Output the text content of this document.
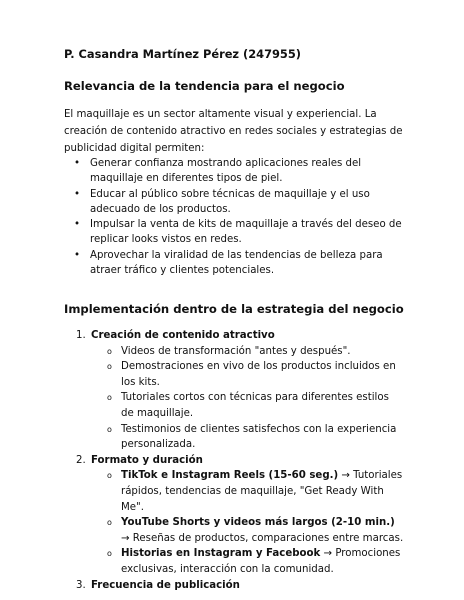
P. Casandra Martínez Pérez (247955)
Relevancia de la tendencia para el negocio
El maquillaje es un sector altamente visual y experiencial. La creación de contenido atractivo en redes sociales y estrategias de publicidad digital permiten:
• Generar confianza mostrando aplicaciones reales del maquillaje en diferentes tipos de piel.
• Educar al público sobre técnicas de maquillaje y el uso adecuado de los productos.
• Impulsar la venta de kits de maquillaje a través del deseo de replicar looks vistos en redes.
• Aprovechar la viralidad de las tendencias de belleza para atraer tráfico y clientes potenciales.
Implementación dentro de la estrategia del negocio
1. Creación de contenido atractivo
o Videos de transformación "antes y después".
o Demostraciones en vivo de los productos incluidos en los kits.
o Tutoriales cortos con técnicas para diferentes estilos de maquillaje.
o Testimonios de clientes satisfechos con la experiencia personalizada.
2. Formato y duración
o TikTok e Instagram Reels (15-60 seg.) → Tutoriales rápidos, tendencias de maquillaje, "Get Ready With Me".
o YouTube Shorts y videos más largos (2-10 min.) → Reseñas de productos, comparaciones entre marcas.
o Historias en Instagram y Facebook → Promociones exclusivas, interacción con la comunidad.
3. Frecuencia de publicación
